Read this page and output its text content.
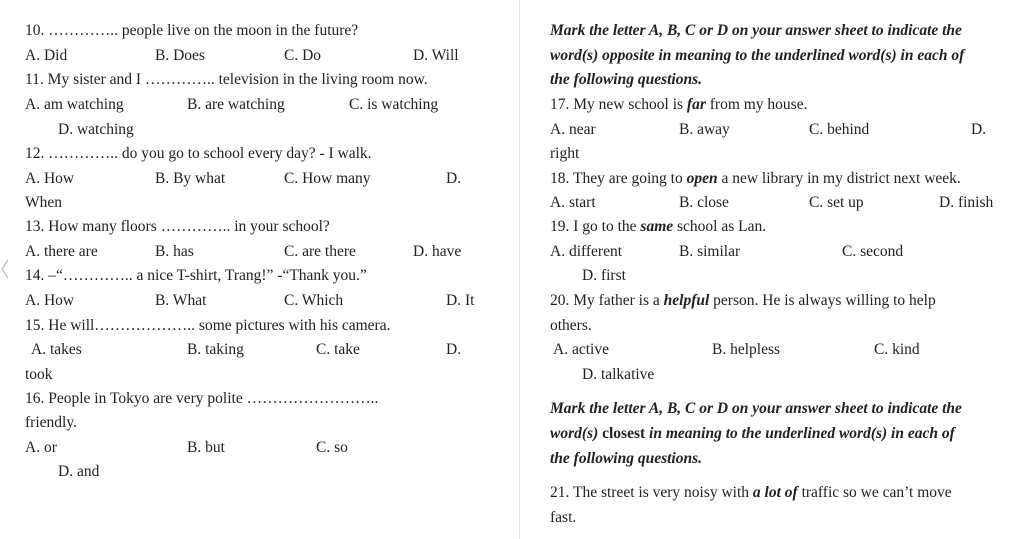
10. ………….. people live on the moon in the future?
A. Did	B. Does	C. Do	D. Will
11. My sister and I ………….. television in the living room now.
A. am watching	B. are watching	C. is watching
D. watching
12. ………….. do you go to school every day? - I walk.
A. How	B. By what	C. How many	D.
When
13. How many floors ………….. in your school?
A. there are	B. has	C. are there	D. have
14. –“………….. a nice T-shirt, Trang!” -“Thank you.”
A. How	B. What	C. Which	D. It
15. He will……………….. some pictures with his camera.
A. takes	B. taking	C. take	D.
took
16. People in Tokyo are very polite ……………………..
friendly.
A. or	B. but	C. so
D. and
Mark the letter A, B, C or D on your answer sheet to indicate the
word(s) opposite in meaning to the underlined word(s) in each of
the following questions.
17. My new school is far from my house.
A. near	B. away	C. behind	D.
right
18. They are going to open a new library in my district next week.
A. start	B. close	C. set up	D. finish
19. I go to the same school as Lan.
A. different	B. similar	C. second
D. first
20. My father is a helpful person. He is always willing to help
others.
A. active	B. helpless	C. kind
D. talkative
Mark the letter A, B, C or D on your answer sheet to indicate the
word(s) closest in meaning to the underlined word(s) in each of
the following questions.
21. The street is very noisy with a lot of traffic so we can’t move
fast.
